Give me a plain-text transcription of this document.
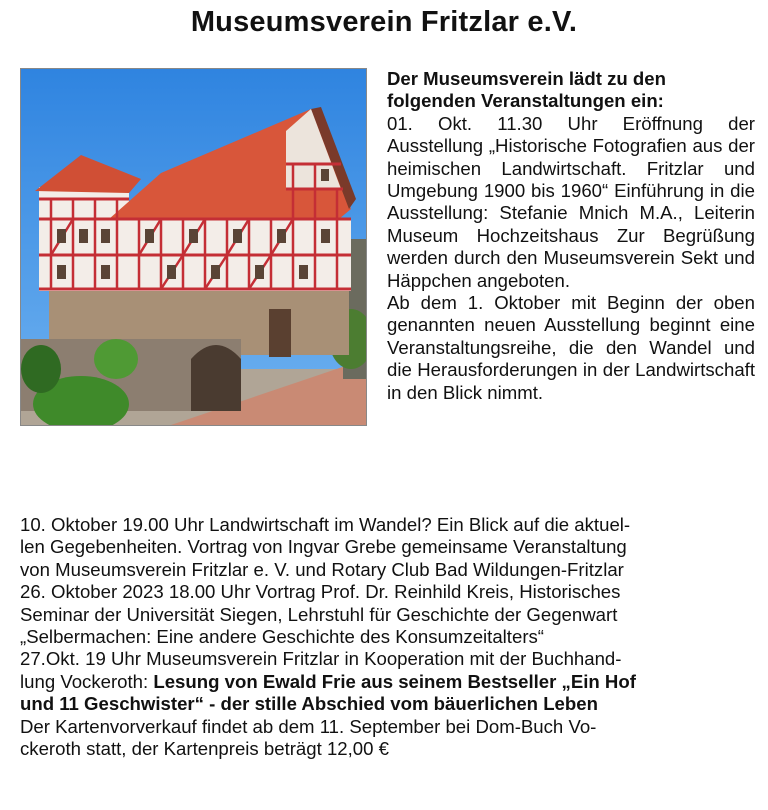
Museumsverein Fritzlar e.V.
Der Museumsverein lädt zu den
folgenden Veranstaltungen ein:
01. Okt. 11.30 Uhr Eröffnung der Ausstellung „Historische Fotografien aus der heimischen Landwirtschaft. Fritzlar und Umgebung 1900 bis 1960“ Einführung in die Ausstellung: Stefanie Mnich M.A., Leiterin Museum Hochzeitshaus Zur Begrüßung werden durch den Museumsverein Sekt und Häppchen angeboten.
Ab dem 1. Oktober mit Beginn der oben genannten neuen Ausstellung beginnt eine Veranstaltungsreihe, die den Wandel und die Herausforderungen in der Landwirtschaft in den Blick nimmt.
10. Oktober 19.00 Uhr Landwirtschaft im Wandel? Ein Blick auf die aktuel-
len Gegebenheiten. Vortrag von Ingvar Grebe gemeinsame Veranstaltung
von Museumsverein Fritzlar e. V. und Rotary Club Bad Wildungen-Fritzlar
26. Oktober 2023 18.00 Uhr Vortrag Prof. Dr. Reinhild Kreis, Historisches
Seminar der Universität Siegen, Lehrstuhl für Geschichte der Gegenwart
„Selbermachen: Eine andere Geschichte des Konsumzeitalters“
27.Okt. 19 Uhr Museumsverein Fritzlar in Kooperation mit der Buchhand-
lung Vockeroth: Lesung von Ewald Frie aus seinem Bestseller „Ein Hof
und 11 Geschwister“ - der stille Abschied vom bäuerlichen Leben
Der Kartenvorverkauf findet ab dem 11. September bei Dom-Buch Vo-
ckeroth statt, der Kartenpreis beträgt 12,00 €
